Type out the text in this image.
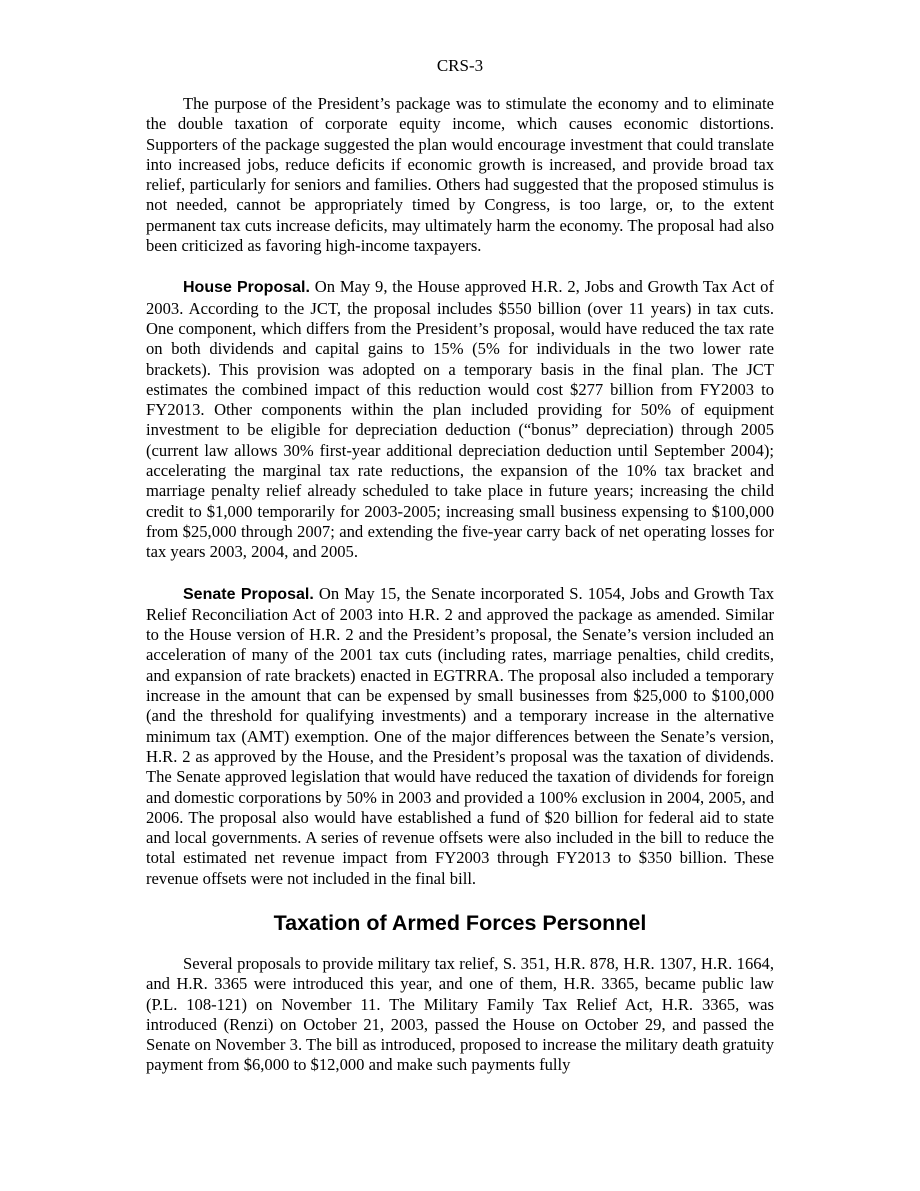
CRS-3

The purpose of the President’s package was to stimulate the economy and to eliminate the double taxation of corporate equity income, which causes economic distortions. Supporters of the package suggested the plan would encourage investment that could translate into increased jobs, reduce deficits if economic growth is increased, and provide broad tax relief, particularly for seniors and families. Others had suggested that the proposed stimulus is not needed, cannot be appropriately timed by Congress, is too large, or, to the extent permanent tax cuts increase deficits, may ultimately harm the economy. The proposal had also been criticized as favoring high-income taxpayers.

House Proposal. On May 9, the House approved H.R. 2, Jobs and Growth Tax Act of 2003. According to the JCT, the proposal includes $550 billion (over 11 years) in tax cuts. One component, which differs from the President’s proposal, would have reduced the tax rate on both dividends and capital gains to 15% (5% for individuals in the two lower rate brackets). This provision was adopted on a temporary basis in the final plan. The JCT estimates the combined impact of this reduction would cost $277 billion from FY2003 to FY2013. Other components within the plan included providing for 50% of equipment investment to be eligible for depreciation deduction (“bonus” depreciation) through 2005 (current law allows 30% first-year additional depreciation deduction until September 2004); accelerating the marginal tax rate reductions, the expansion of the 10% tax bracket and marriage penalty relief already scheduled to take place in future years; increasing the child credit to $1,000 temporarily for 2003-2005; increasing small business expensing to $100,000 from $25,000 through 2007; and extending the five-year carry back of net operating losses for tax years 2003, 2004, and 2005.

Senate Proposal. On May 15, the Senate incorporated S. 1054, Jobs and Growth Tax Relief Reconciliation Act of 2003 into H.R. 2 and approved the package as amended. Similar to the House version of H.R. 2 and the President’s proposal, the Senate’s version included an acceleration of many of the 2001 tax cuts (including rates, marriage penalties, child credits, and expansion of rate brackets) enacted in EGTRRA. The proposal also included a temporary increase in the amount that can be expensed by small businesses from $25,000 to $100,000 (and the threshold for qualifying investments) and a temporary increase in the alternative minimum tax (AMT) exemption. One of the major differences between the Senate’s version, H.R. 2 as approved by the House, and the President’s proposal was the taxation of dividends. The Senate approved legislation that would have reduced the taxation of dividends for foreign and domestic corporations by 50% in 2003 and provided a 100% exclusion in 2004, 2005, and 2006. The proposal also would have established a fund of $20 billion for federal aid to state and local governments. A series of revenue offsets were also included in the bill to reduce the total estimated net revenue impact from FY2003 through FY2013 to $350 billion. These revenue offsets were not included in the final bill.

Taxation of Armed Forces Personnel

Several proposals to provide military tax relief, S. 351, H.R. 878, H.R. 1307, H.R. 1664, and H.R. 3365 were introduced this year, and one of them, H.R. 3365, became public law (P.L. 108-121) on November 11. The Military Family Tax Relief Act, H.R. 3365, was introduced (Renzi) on October 21, 2003, passed the House on October 29, and passed the Senate on November 3. The bill as introduced, proposed to increase the military death gratuity payment from $6,000 to $12,000 and make such payments fully
